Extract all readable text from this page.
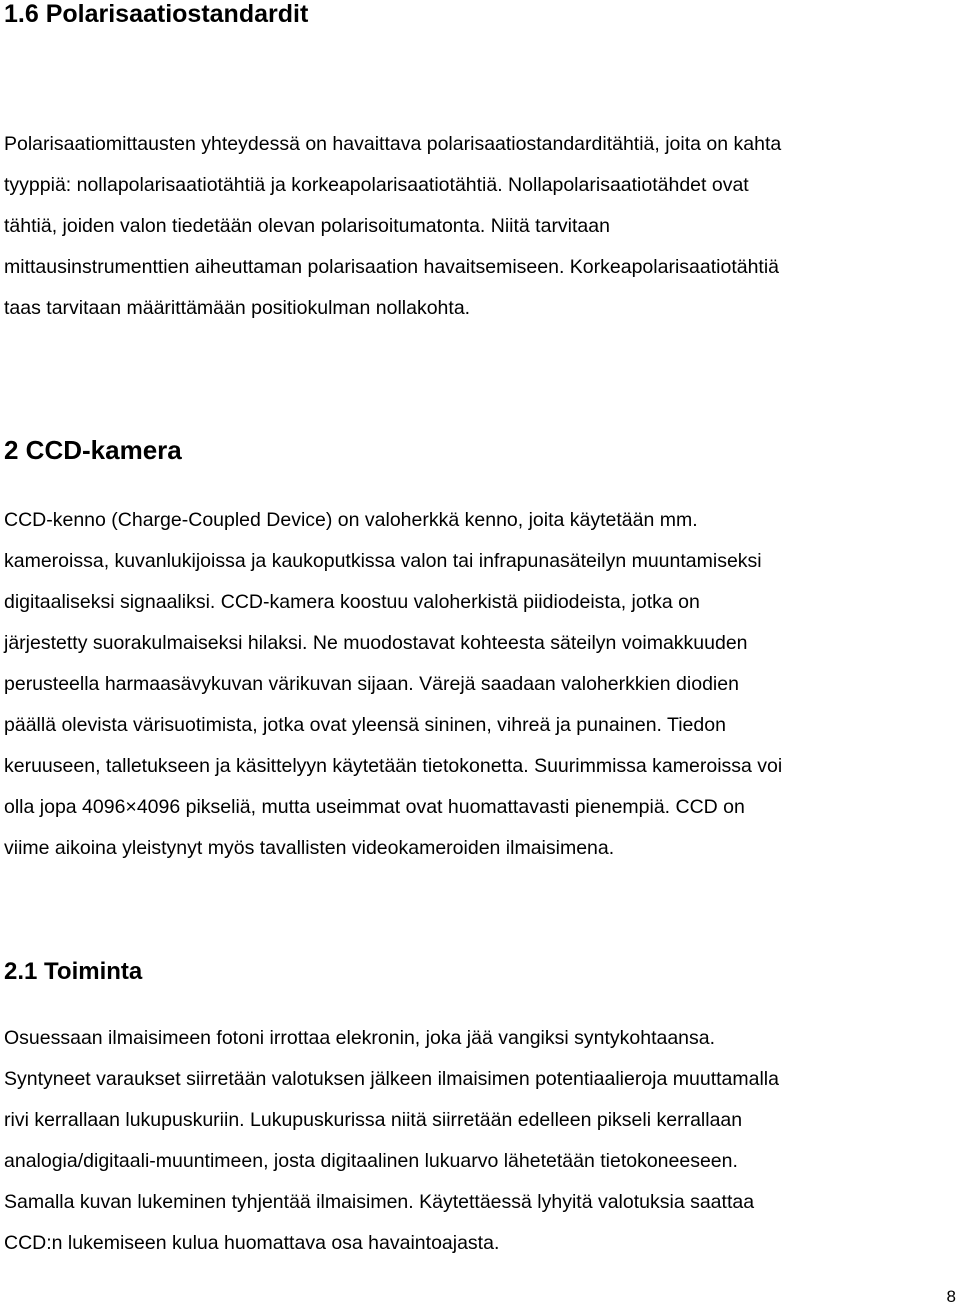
1.6 Polarisaatiostandardit

Polarisaatiomittausten yhteydessä on havaittava polarisaatiostandarditähtiä, joita on kahta
tyyppiä: nollapolarisaatiotähtiä ja korkeapolarisaatiotähtiä. Nollapolarisaatiotähdet ovat
tähtiä, joiden valon tiedetään olevan polarisoitumatonta. Niitä tarvitaan
mittausinstrumenttien aiheuttaman polarisaation havaitsemiseen. Korkeapolarisaatiotähtiä
taas tarvitaan määrittämään positiokulman nollakohta.

2 CCD-kamera

CCD-kenno (Charge-Coupled Device) on valoherkkä kenno, joita käytetään mm.
kameroissa, kuvanlukijoissa ja kaukoputkissa valon tai infrapunasäteilyn muuntamiseksi
digitaaliseksi signaaliksi. CCD-kamera koostuu valoherkistä piidiodeista, jotka on
järjestetty suorakulmaiseksi hilaksi. Ne muodostavat kohteesta säteilyn voimakkuuden
perusteella harmaasävykuvan värikuvan sijaan. Värejä saadaan valoherkkien diodien
päällä olevista värisuotimista, jotka ovat yleensä sininen, vihreä ja punainen. Tiedon
keruuseen, talletukseen ja käsittelyyn käytetään tietokonetta. Suurimmissa kameroissa voi
olla jopa 4096×4096 pikseliä, mutta useimmat ovat huomattavasti pienempiä. CCD on
viime aikoina yleistynyt myös tavallisten videokameroiden ilmaisimena.

2.1 Toiminta

Osuessaan ilmaisimeen fotoni irrottaa elekronin, joka jää vangiksi syntykohtaansa.
Syntyneet varaukset siirretään valotuksen jälkeen ilmaisimen potentiaalieroja muuttamalla
rivi kerrallaan lukupuskuriin. Lukupuskurissa niitä siirretään edelleen pikseli kerrallaan
analogia/digitaali-muuntimeen, josta digitaalinen lukuarvo lähetetään tietokoneeseen.
Samalla kuvan lukeminen tyhjentää ilmaisimen. Käytettäessä lyhyitä valotuksia saattaa
CCD:n lukemiseen kulua huomattava osa havaintoajasta.

8
